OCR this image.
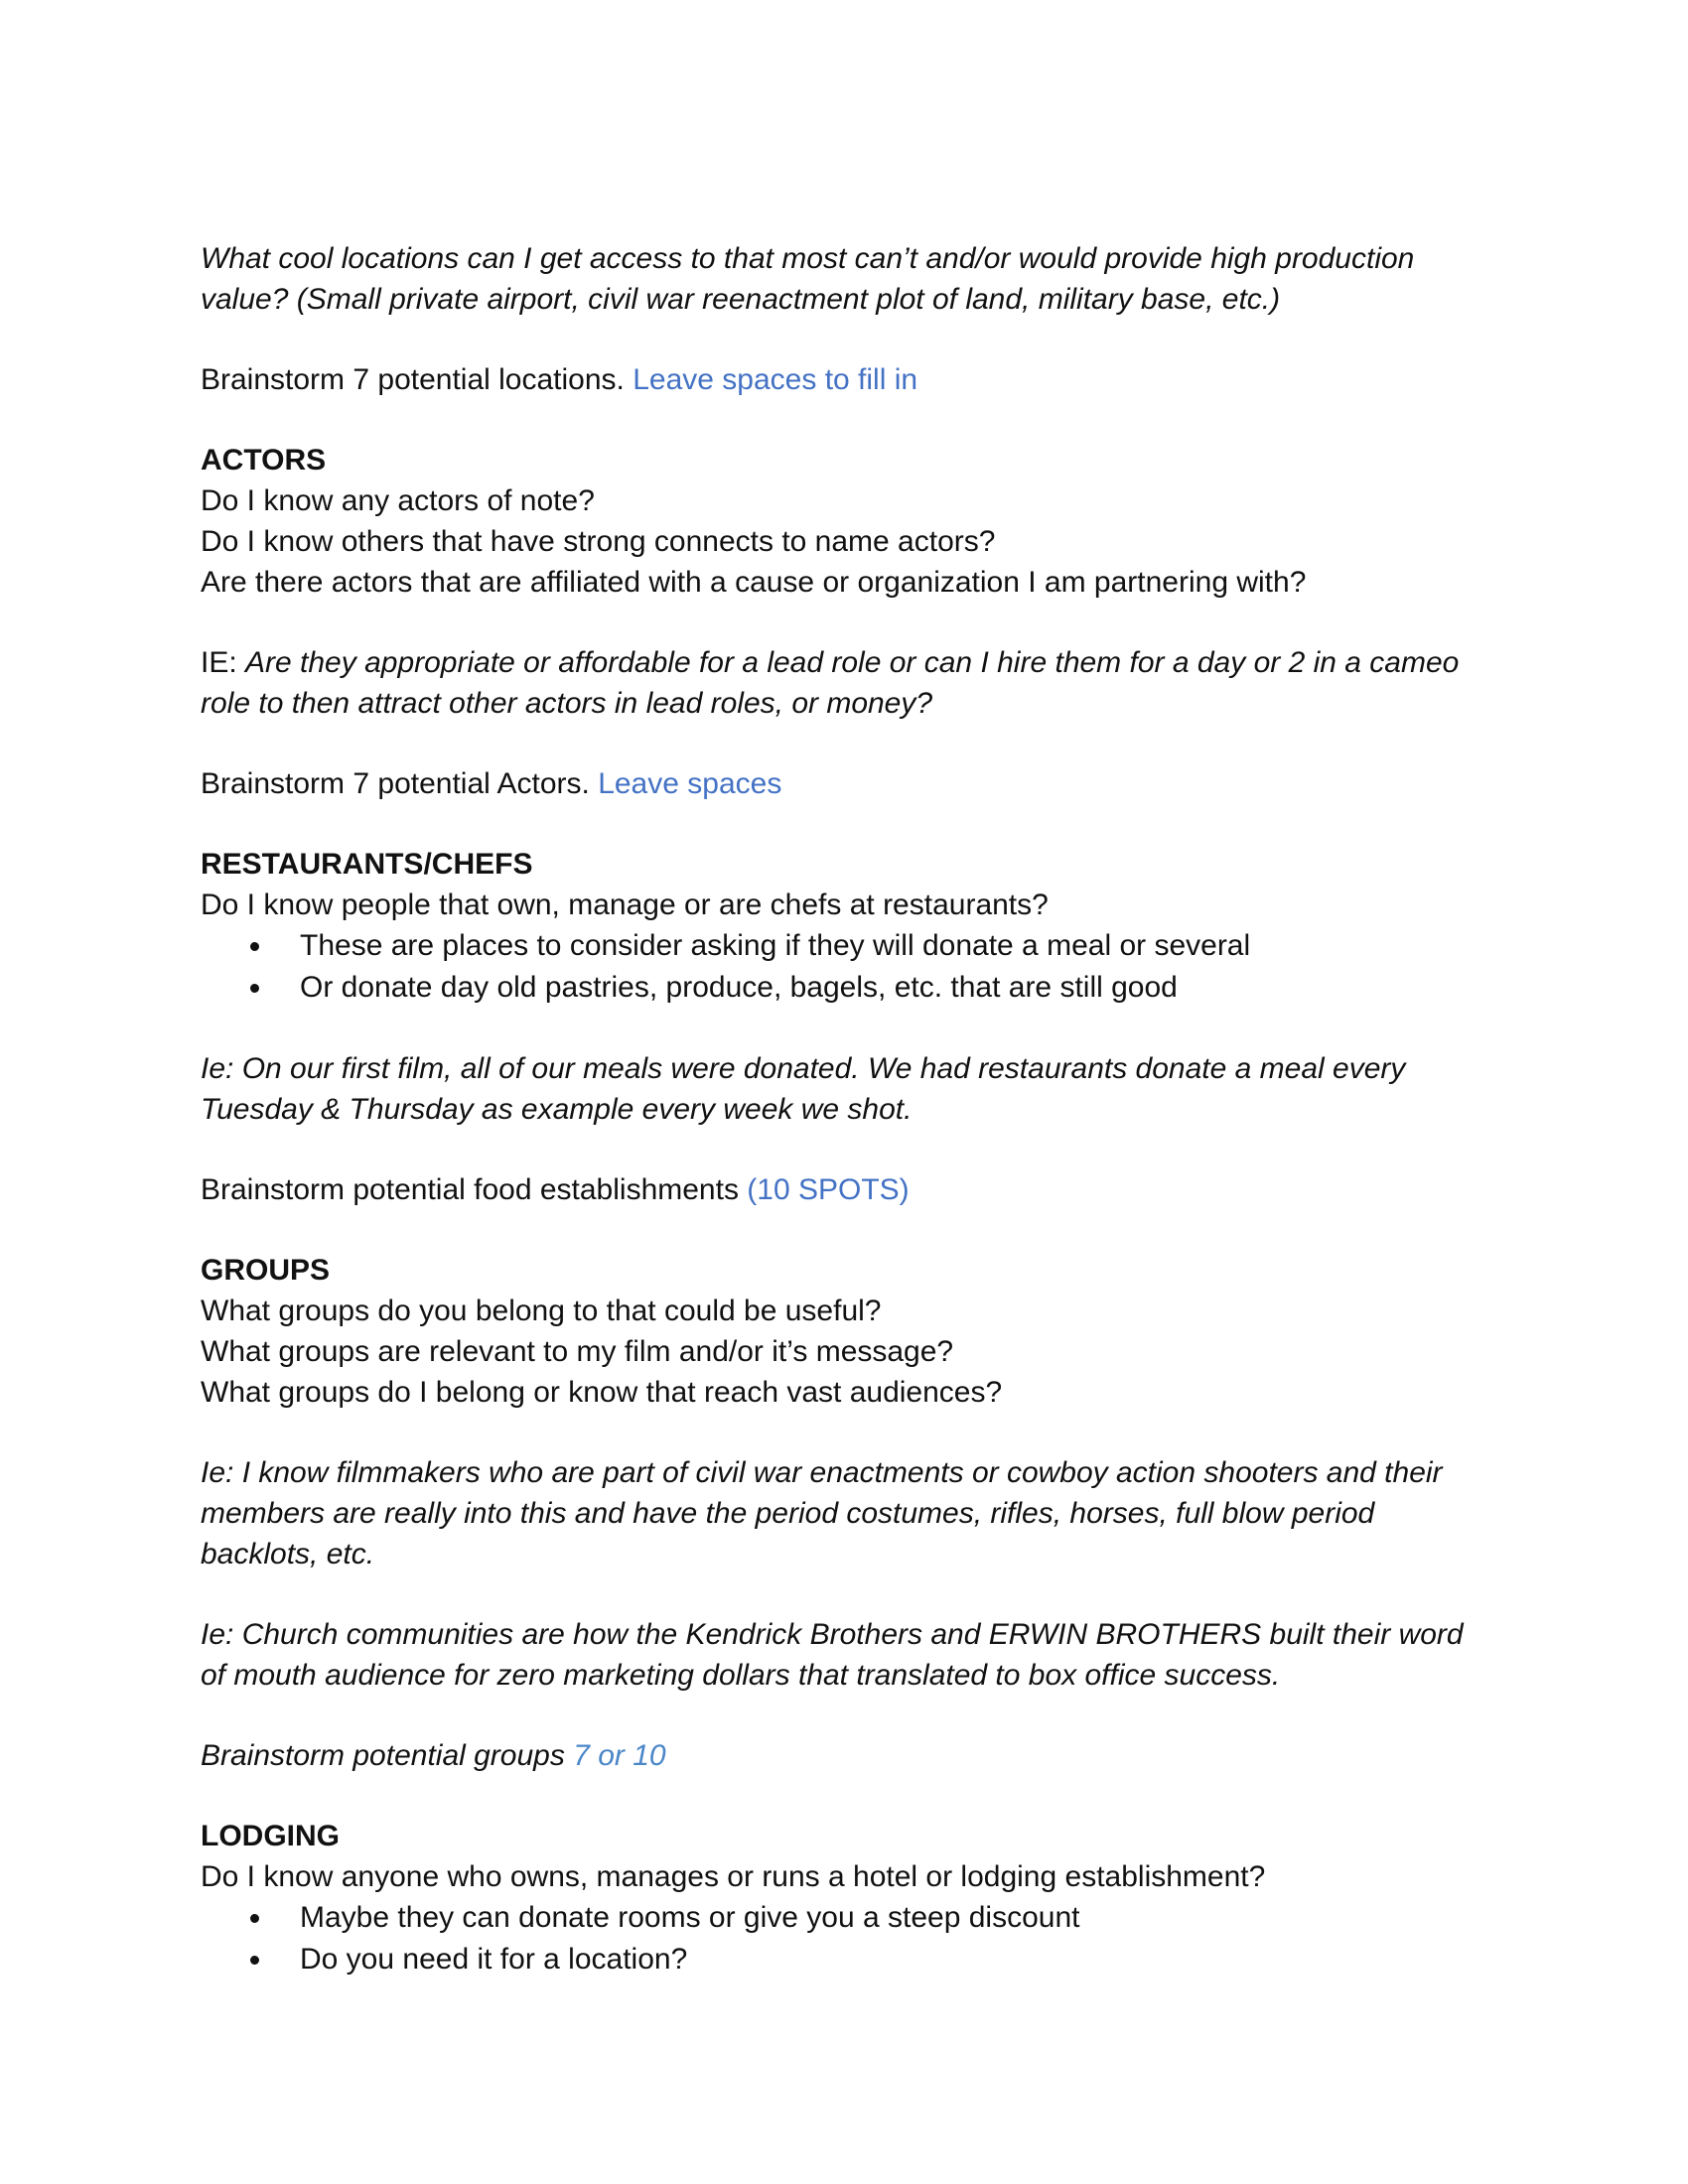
What cool locations can I get access to that most can’t and/or would provide high production

value? (Small private airport, civil war reenactment plot of land, military base, etc.)

Brainstorm 7 potential locations. Leave spaces to fill in

ACTORS

Do I know any actors of note?

Do I know others that have strong connects to name actors?

Are there actors that are affiliated with a cause or organization I am partnering with?

IE: Are they appropriate or affordable for a lead role or can I hire them for a day or 2 in a cameo

role to then attract other actors in lead roles, or money?

Brainstorm 7 potential Actors. Leave spaces

RESTAURANTS/CHEFS

Do I know people that own, manage or are chefs at restaurants?

These are places to consider asking if they will donate a meal or several
Or donate day old pastries, produce, bagels, etc. that are still good

Ie: On our first film, all of our meals were donated. We had restaurants donate a meal every

Tuesday & Thursday as example every week we shot.

Brainstorm potential food establishments (10 SPOTS)

GROUPS

What groups do you belong to that could be useful?

What groups are relevant to my film and/or it’s message?

What groups do I belong or know that reach vast audiences?

Ie: I know filmmakers who are part of civil war enactments or cowboy action shooters and their

members are really into this and have the period costumes, rifles, horses, full blow period

backlots, etc.

Ie: Church communities are how the Kendrick Brothers and ERWIN BROTHERS built their word

of mouth audience for zero marketing dollars that translated to box office success.

Brainstorm potential groups 7 or 10

LODGING

Do I know anyone who owns, manages or runs a hotel or lodging establishment?

Maybe they can donate rooms or give you a steep discount
Do you need it for a location?
